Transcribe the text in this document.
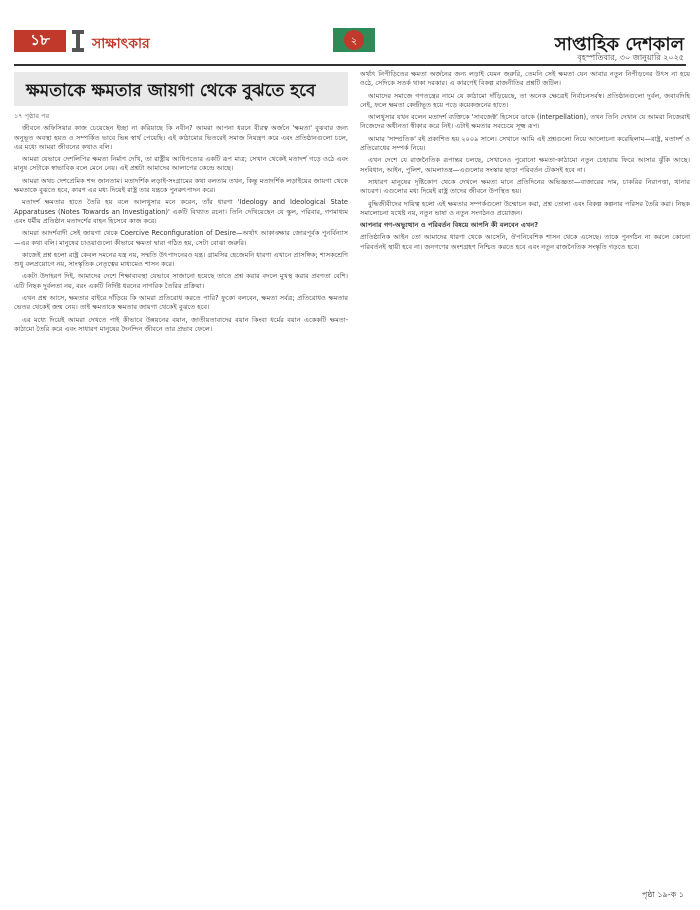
১৮	সাক্ষাৎকার	২	সাপ্তাহিক দেশকাল
বৃহস্পতিবার, ৩০ জানুয়ারি ২০২৫
ক্ষমতাকে ক্ষমতার জায়গা থেকে বুঝতে হবে

১৭ পৃষ্ঠার পর

জীবনে অফিসিয়ার কাজ চেয়েছেন ইচ্ছা না করিয়াছে কি নবীন? আমরা আপনা ধরনে বীরত্ব অর্জনে 'ক্ষমতা' বুঝবার জন্য অনুভূত অবস্থা হয়ত ও সম্পর্কিত ভাবে ভিন্ন স্বার্থ পেয়েছি। এই কাঠামোর ভিতরেই সমাজ নিয়ন্ত্রণ করে এবং প্রতিষ্ঠানগুলো চলে, এর মধ্যে আমরা জীবনের কথাও বলি।

আমরা যেভাবে দেশলিপির ক্ষমতা নির্মাণ দেখি, তা রাষ্ট্রীয় আধিপত্যের একটি রূপ মাত্র; সেখান থেকেই মতাদর্শ গড়ে ওঠে এবং মানুষ সেটাকে স্বাভাবিক বলে মেনে নেয়। এই প্রশ্নটা আমাদের আলাপের কেন্দ্রে আছে।

আমরা অথচ দেশপ্রেমিক শব্দ জানতাম। মতাদর্শিক লড়াই-সংগ্রামের কথা বলতাম তখন, কিন্তু মতাদর্শিক লড়াইয়ের জায়গা থেকে ক্ষমতাকে বুঝতে হবে, কারণ এর মধ্য দিয়েই রাষ্ট্র তার যন্ত্রকে পুনরুৎপাদন করে।

মতাদর্শ ক্ষমতার হাতে তৈরি হয় বলে আলথুসার মনে করেন, তাঁর ধারণা 'Ideology and Ideological State Apparatuses (Notes Towards an Investigation)' একটি বিখ্যাত রচনা। তিনি দেখিয়েছেন যে স্কুল, পরিবার, গণমাধ্যম এবং ধর্মীয় প্রতিষ্ঠান মতাদর্শের বাহন হিসেবে কাজ করে।

আমরা আদর্শবাদী সেই জায়গা থেকে Coercive Reconfiguration of Desire—অর্থাৎ আকাঙ্ক্ষার জোরপূর্বক পুনর্বিন্যাস—এর কথা বলি। মানুষের চাওয়াগুলো কীভাবে ক্ষমতা দ্বারা গঠিত হয়, সেটা বোঝা জরুরি।

কাজেই প্রশ্ন হলো রাষ্ট্র কেবল দমনের যন্ত্র নয়, সম্মতি উৎপাদনেরও যন্ত্র। গ্রামসির হেজেমনি ধারণা এখানে প্রাসঙ্গিক; শাসকশ্রেণি শুধু বলপ্রয়োগে নয়, সাংস্কৃতিক নেতৃত্বের মাধ্যমেও শাসন করে।

একটা উদাহরণ দিই, আমাদের দেশে শিক্ষাব্যবস্থা যেভাবে সাজানো হয়েছে তাতে প্রশ্ন করার বদলে মুখস্থ করার প্রবণতা বেশি। এটি নিছক দুর্বলতা নয়, বরং একটি নির্দিষ্ট ধরনের নাগরিক তৈরির প্রক্রিয়া।

এখন প্রশ্ন আসে, ক্ষমতার বাইরে দাঁড়িয়ে কি আমরা প্রতিরোধ করতে পারি? ফুকো বলবেন, ক্ষমতা সর্বত্র; প্রতিরোধও ক্ষমতার ভেতর থেকেই জন্ম নেয়। তাই ক্ষমতাকে ক্ষমতার জায়গা থেকেই বুঝতে হবে।

এর মধ্যে দিয়েই আমরা দেখতে পাই কীভাবে উন্নয়নের বয়ান, জাতীয়তাবাদের বয়ান কিংবা ধর্মের বয়ান একেকটি ক্ষমতা-কাঠামো তৈরি করে এবং সাধারণ মানুষের দৈনন্দিন জীবনে তার প্রভাব ফেলে।

অর্থাৎ নিপীড়িতের ক্ষমতা অর্জনের জন্য লড়াই যেমন জরুরি, তেমনি সেই ক্ষমতা যেন আবার নতুন নিপীড়নের উৎস না হয়ে ওঠে, সেদিকে সতর্ক থাকা দরকার। এ কারণেই বিকল্প রাজনীতির প্রশ্নটি জটিল।

আমাদের সমাজে গণতন্ত্রের নামে যে কাঠামো দাঁড়িয়েছে, তা অনেক ক্ষেত্রেই নির্বাচনসর্বস্ব। প্রতিষ্ঠানগুলো দুর্বল, জবাবদিহি নেই, ফলে ক্ষমতা কেন্দ্রীভূত হয়ে পড়ে কয়েকজনের হাতে।

আলথুসার যখন বলেন মতাদর্শ ব্যক্তিকে 'সাবজেক্ট' হিসেবে ডাকে (interpellation), তখন তিনি দেখান যে আমরা নিজেরাই নিজেদের অধীনতা স্বীকার করে নিই। এটাই ক্ষমতার সবচেয়ে সূক্ষ্ম রূপ।

আমার 'সাম্প্রতিক' বই প্রকাশিত হয় ২০০৯ সালে। সেখানে আমি এই প্রশ্নগুলো নিয়ে আলোচনা করেছিলাম—রাষ্ট্র, মতাদর্শ ও প্রতিরোধের সম্পর্ক নিয়ে।

এখন দেশে যে রাজনৈতিক রূপান্তর চলছে, সেখানেও পুরোনো ক্ষমতা-কাঠামো নতুন চেহারায় ফিরে আসার ঝুঁকি আছে। সংবিধান, আইন, পুলিশ, আমলাতন্ত্র—এগুলোর সংস্কার ছাড়া পরিবর্তন টেকসই হবে না।

সাধারণ মানুষের দৃষ্টিকোণ থেকে দেখলে ক্ষমতা মানে প্রতিদিনের অভিজ্ঞতা—বাজারের দাম, চাকরির নিরাপত্তা, থানার আচরণ। এগুলোর মধ্য দিয়েই রাষ্ট্র তাদের জীবনে উপস্থিত হয়।

বুদ্ধিজীবীদের দায়িত্ব হলো এই ক্ষমতার সম্পর্কগুলো উন্মোচন করা, প্রশ্ন তোলা এবং বিকল্প কল্পনার পরিসর তৈরি করা। নিছক সমালোচনা যথেষ্ট নয়, নতুন ভাষা ও নতুন সংগঠনও প্রয়োজন।

আপনার গণ-অভ্যুত্থান ও পরিবর্তন বিষয়ে আপনি কী বলবেন এখন?

প্রাতিষ্ঠানিক আইন তো আমাদের ধারণা থেকে আসেনি, ঔপনিবেশিক শাসন থেকে এসেছে। তাকে পুনর্গঠন না করলে কোনো পরিবর্তনই স্থায়ী হবে না। জনগণের অংশগ্রহণ নিশ্চিত করতে হবে এবং নতুন রাজনৈতিক সংস্কৃতি গড়তে হবে।

পৃষ্ঠা ১৯-ক ১
